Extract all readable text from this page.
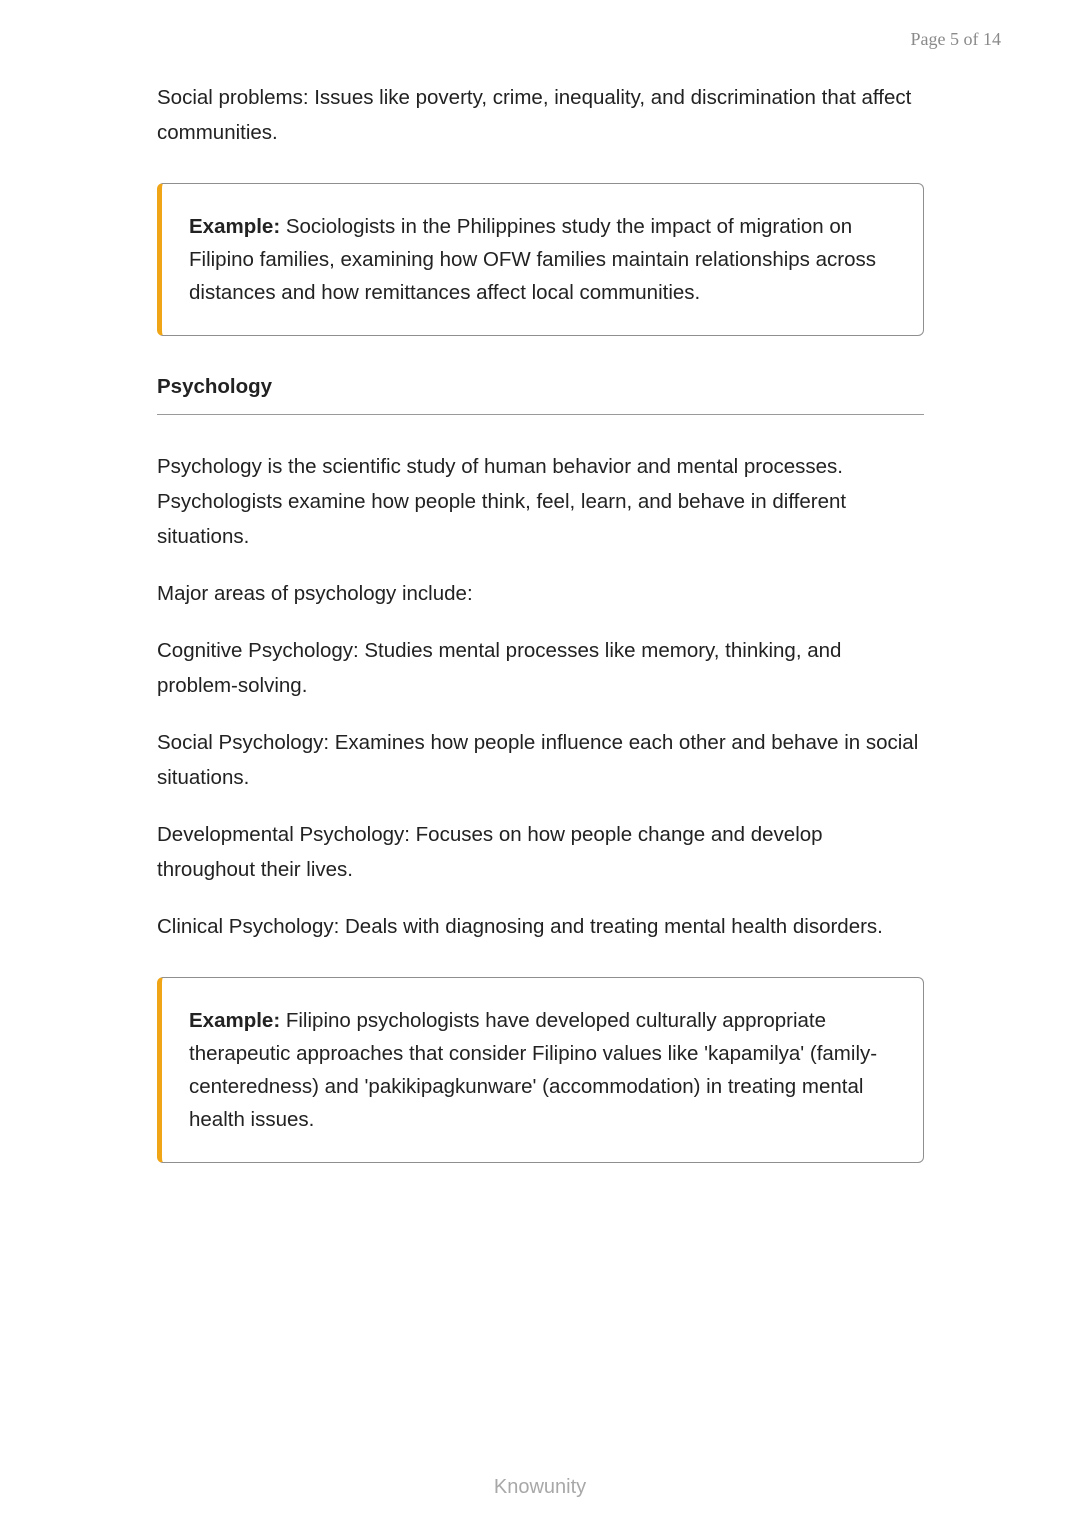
Page 5 of 14

Social problems: Issues like poverty, crime, inequality, and discrimination that affect communities.

Example: Sociologists in the Philippines study the impact of migration on Filipino families, examining how OFW families maintain relationships across distances and how remittances affect local communities.
Psychology

Psychology is the scientific study of human behavior and mental processes. Psychologists examine how people think, feel, learn, and behave in different situations.

Major areas of psychology include:

Cognitive Psychology: Studies mental processes like memory, thinking, and problem-solving.

Social Psychology: Examines how people influence each other and behave in social situations.

Developmental Psychology: Focuses on how people change and develop throughout their lives.

Clinical Psychology: Deals with diagnosing and treating mental health disorders.

Example: Filipino psychologists have developed culturally appropriate therapeutic approaches that consider Filipino values like 'kapamilya' (family-centeredness) and 'pakikipagkunware' (accommodation) in treating mental health issues.
Knowunity
